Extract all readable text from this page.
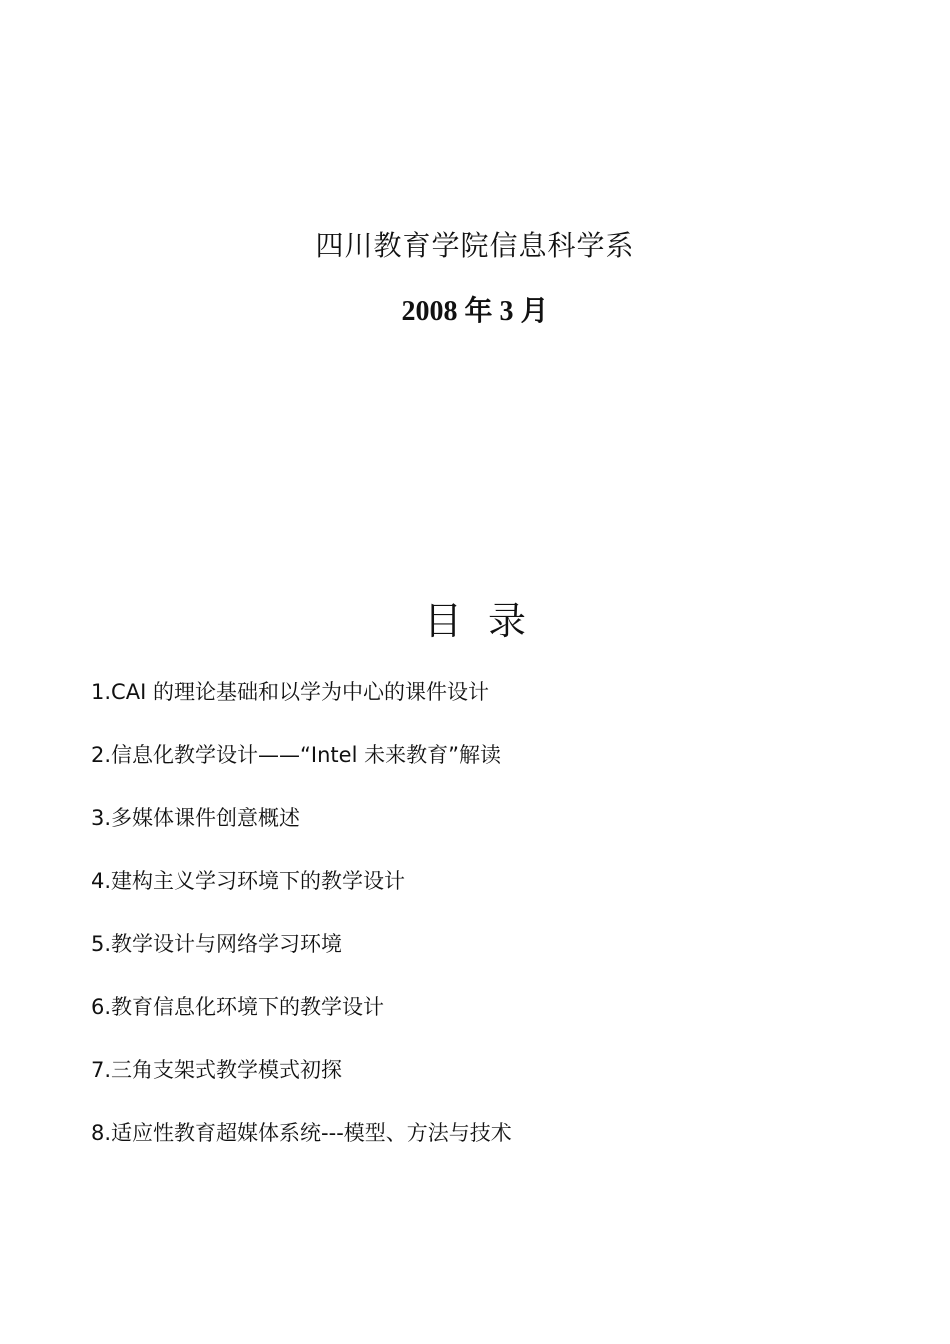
四川教育学院信息科学系
2008 年 3 月
目录
1.CAI 的理论基础和以学为中心的课件设计
2.信息化教学设计——“Intel 未来教育”解读
3.多媒体课件创意概述
4.建构主义学习环境下的教学设计
5.教学设计与网络学习环境
6.教育信息化环境下的教学设计
7.三角支架式教学模式初探
8.适应性教育超媒体系统---模型、方法与技术
